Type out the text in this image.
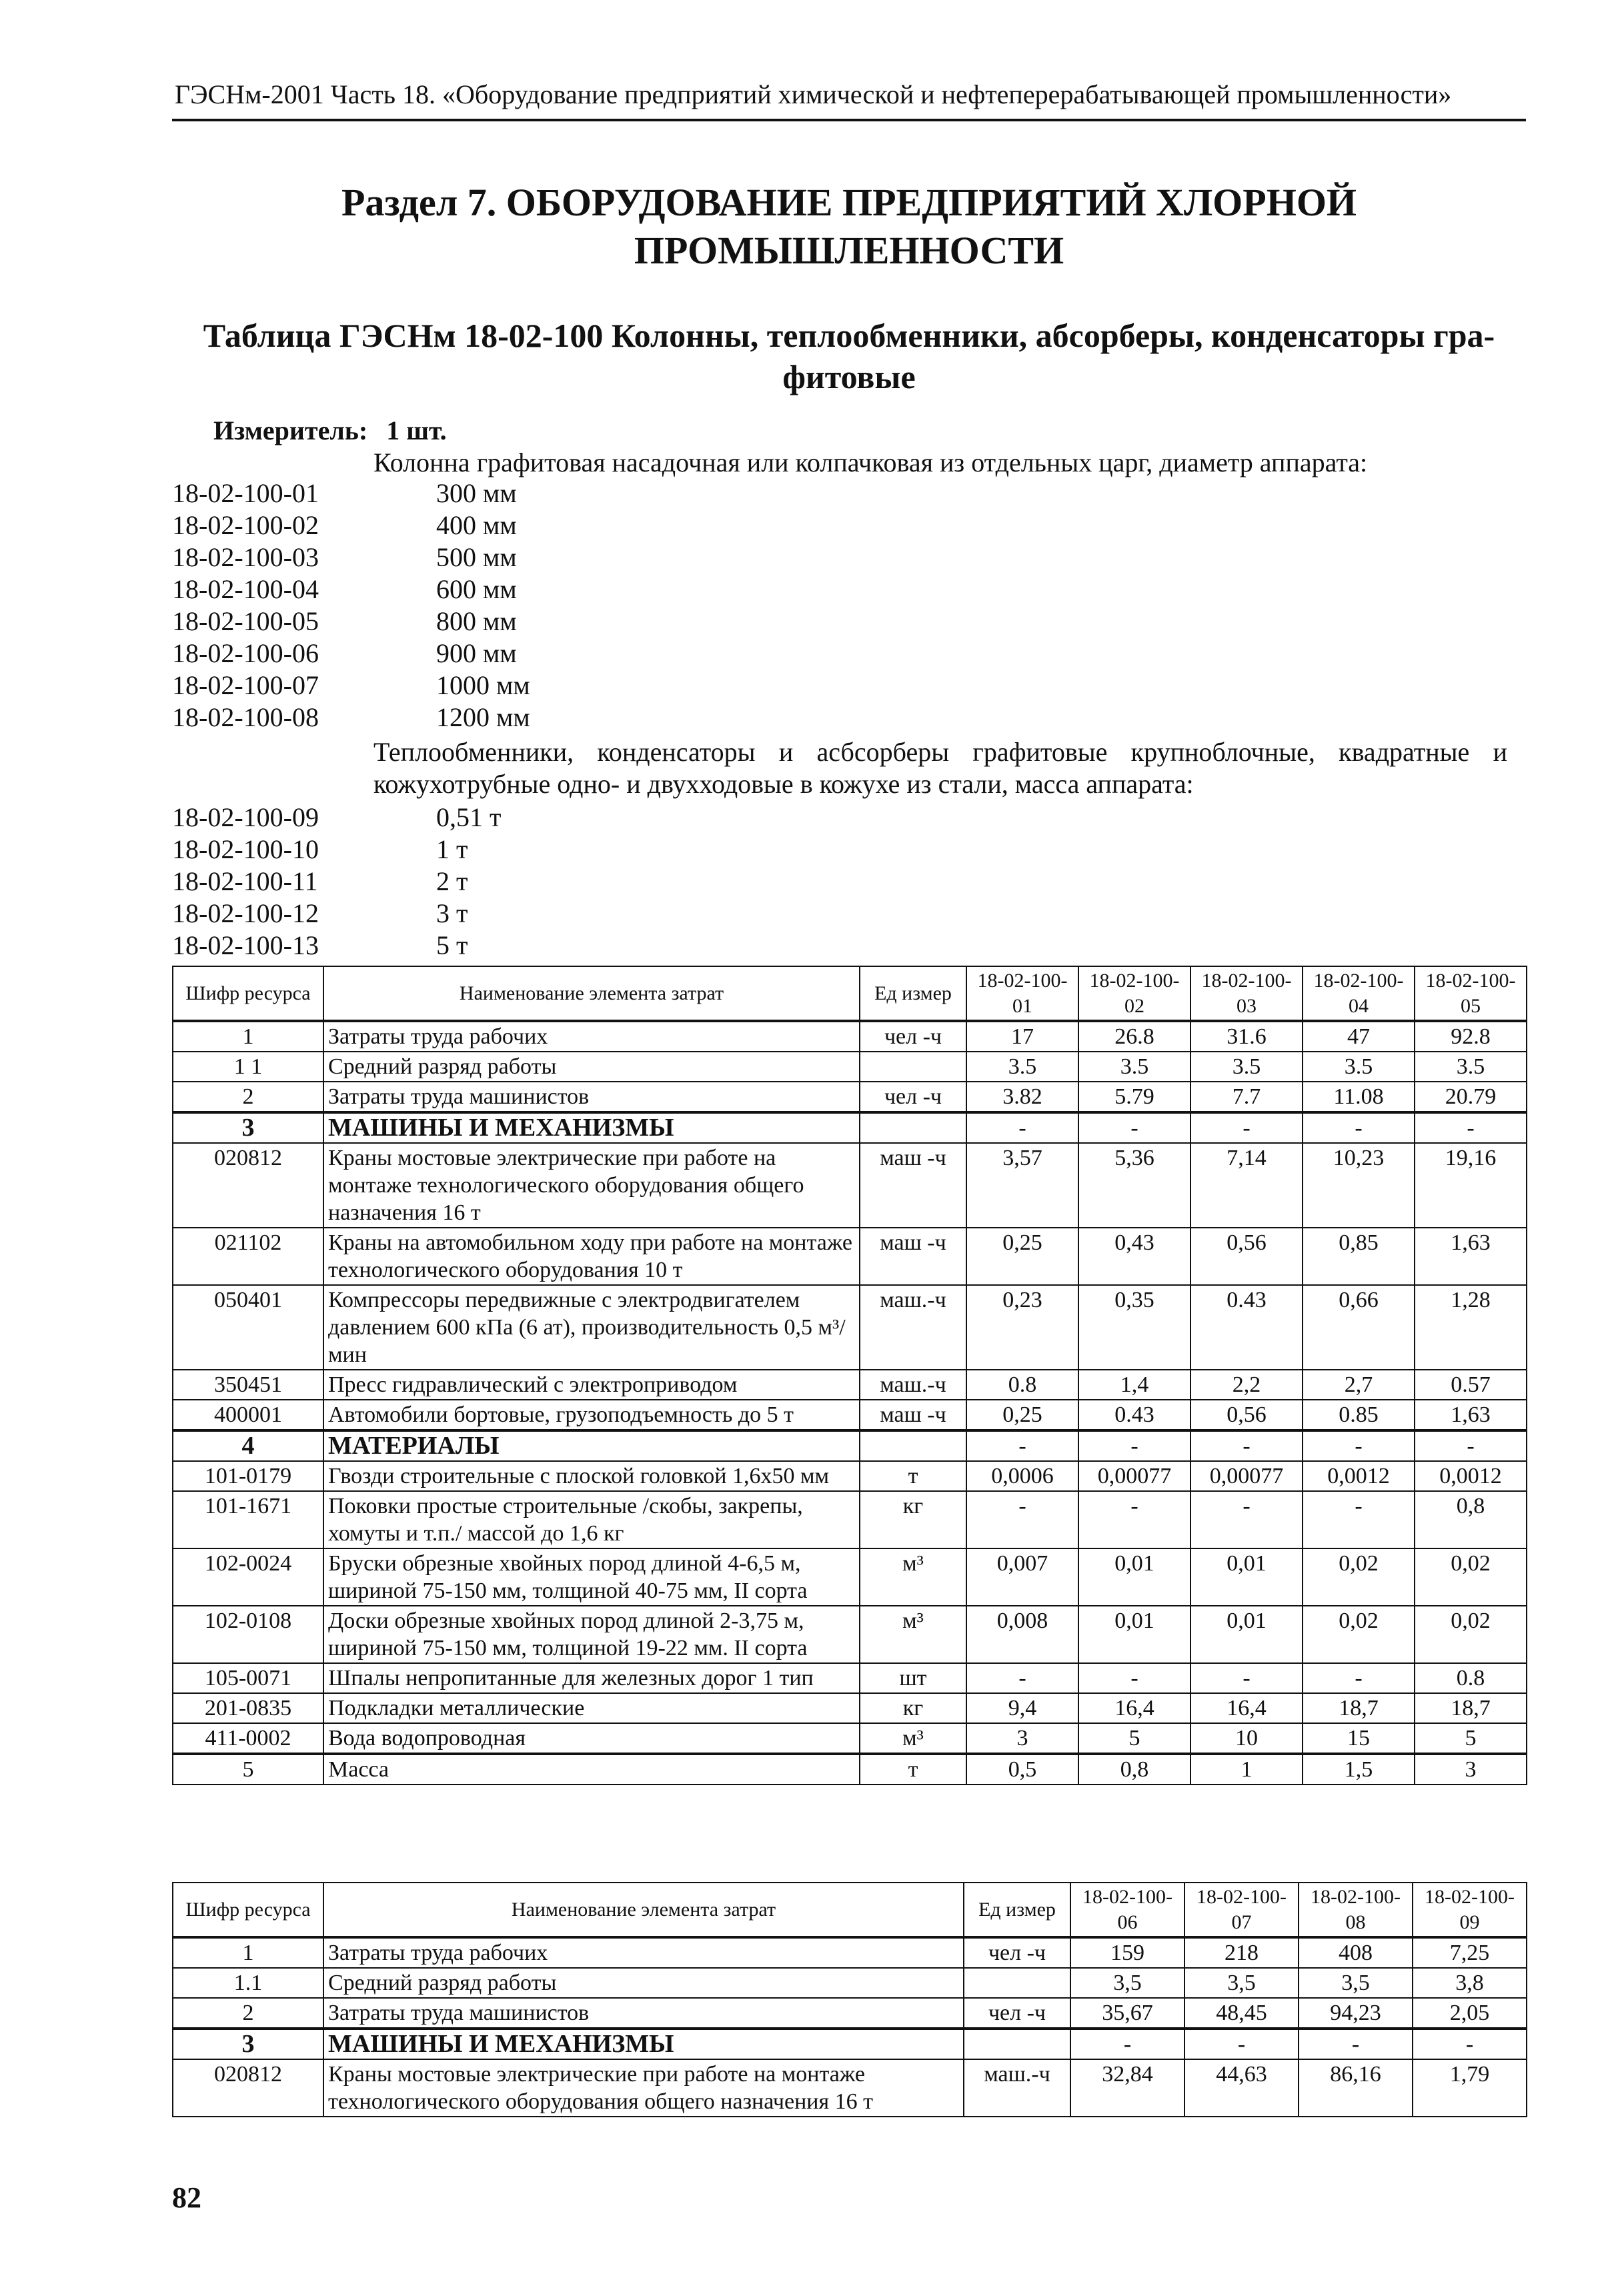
ГЭСНм-2001 Часть 18. «Оборудование предприятий химической и нефтеперерабатывающей промышленности»
Раздел 7. ОБОРУДОВАНИЕ ПРЕДПРИЯТИЙ ХЛОРНОЙ
ПРОМЫШЛЕННОСТИ
Таблица ГЭСНм 18-02-100 Колонны, теплообменники, абсорберы, конденсаторы гра-
фитовые
Измеритель: 1 шт.
Колонна графитовая насадочная или колпачковая из отдельных царг, диаметр аппарата:
18-02-100-01	300 мм
18-02-100-02	400 мм
18-02-100-03	500 мм
18-02-100-04	600 мм
18-02-100-05	800 мм
18-02-100-06	900 мм
18-02-100-07	1000 мм
18-02-100-08	1200 мм
Теплообменники, конденсаторы и асбсорберы графитовые крупноблочные, квадратные и кожухотрубные одно- и двухходовые в кожухе из стали, масса аппарата:
18-02-100-09	0,51 т
18-02-100-10	1 т
18-02-100-11	2 т
18-02-100-12	3 т
18-02-100-13	5 т
Шифр ресурса	Наименование элемента затрат	Ед измер	18-02-100-01	18-02-100-02	18-02-100-03	18-02-100-04	18-02-100-05
1	Затраты труда рабочих	чел -ч	17	26.8	31.6	47	92.8
1 1	Средний разряд работы		3.5	3.5	3.5	3.5	3.5
2	Затраты труда машинистов	чел -ч	3.82	5.79	7.7	11.08	20.79
3	МАШИНЫ И МЕХАНИЗМЫ		-	-	-	-	-
020812	Краны мостовые электрические при работе на монтаже технологического оборудования общего назначения 16 т	маш -ч	3,57	5,36	7,14	10,23	19,16
021102	Краны на автомобильном ходу при работе на монтаже технологического оборудования 10 т	маш -ч	0,25	0,43	0,56	0,85	1,63
050401	Компрессоры передвижные с электродвигателем давлением 600 кПа (6 ат), производительность 0,5 м³/мин	маш.-ч	0,23	0,35	0.43	0,66	1,28
350451	Пресс гидравлический с электроприводом	маш.-ч	0.8	1,4	2,2	2,7	0.57
400001	Автомобили бортовые, грузоподъемность до 5 т	маш -ч	0,25	0.43	0,56	0.85	1,63
4	МАТЕРИАЛЫ		-	-	-	-	-
101-0179	Гвозди строительные с плоской головкой 1,6х50 мм	т	0,0006	0,00077	0,00077	0,0012	0,0012
101-1671	Поковки простые строительные /скобы, закрепы, хомуты и т.п./ массой до 1,6 кг	кг	-	-	-	-	0,8
102-0024	Бруски обрезные хвойных пород длиной 4-6,5 м, шириной 75-150 мм, толщиной 40-75 мм, II сорта	м³	0,007	0,01	0,01	0,02	0,02
102-0108	Доски обрезные хвойных пород длиной 2-3,75 м, шириной 75-150 мм, толщиной 19-22 мм. II сорта	м³	0,008	0,01	0,01	0,02	0,02
105-0071	Шпалы непропитанные для железных дорог 1 тип	шт	-	-	-	-	0.8
201-0835	Подкладки металлические	кг	9,4	16,4	16,4	18,7	18,7
411-0002	Вода водопроводная	м³	3	5	10	15	5
5	Масса	т	0,5	0,8	1	1,5	3
Шифр ресурса	Наименование элемента затрат	Ед измер	18-02-100-06	18-02-100-07	18-02-100-08	18-02-100-09
1	Затраты труда рабочих	чел -ч	159	218	408	7,25
1.1	Средний разряд работы		3,5	3,5	3,5	3,8
2	Затраты труда машинистов	чел -ч	35,67	48,45	94,23	2,05
3	МАШИНЫ И МЕХАНИЗМЫ		-	-	-	-
020812	Краны мостовые электрические при работе на монтаже технологического оборудования общего назначения 16 т	маш.-ч	32,84	44,63	86,16	1,79
82
